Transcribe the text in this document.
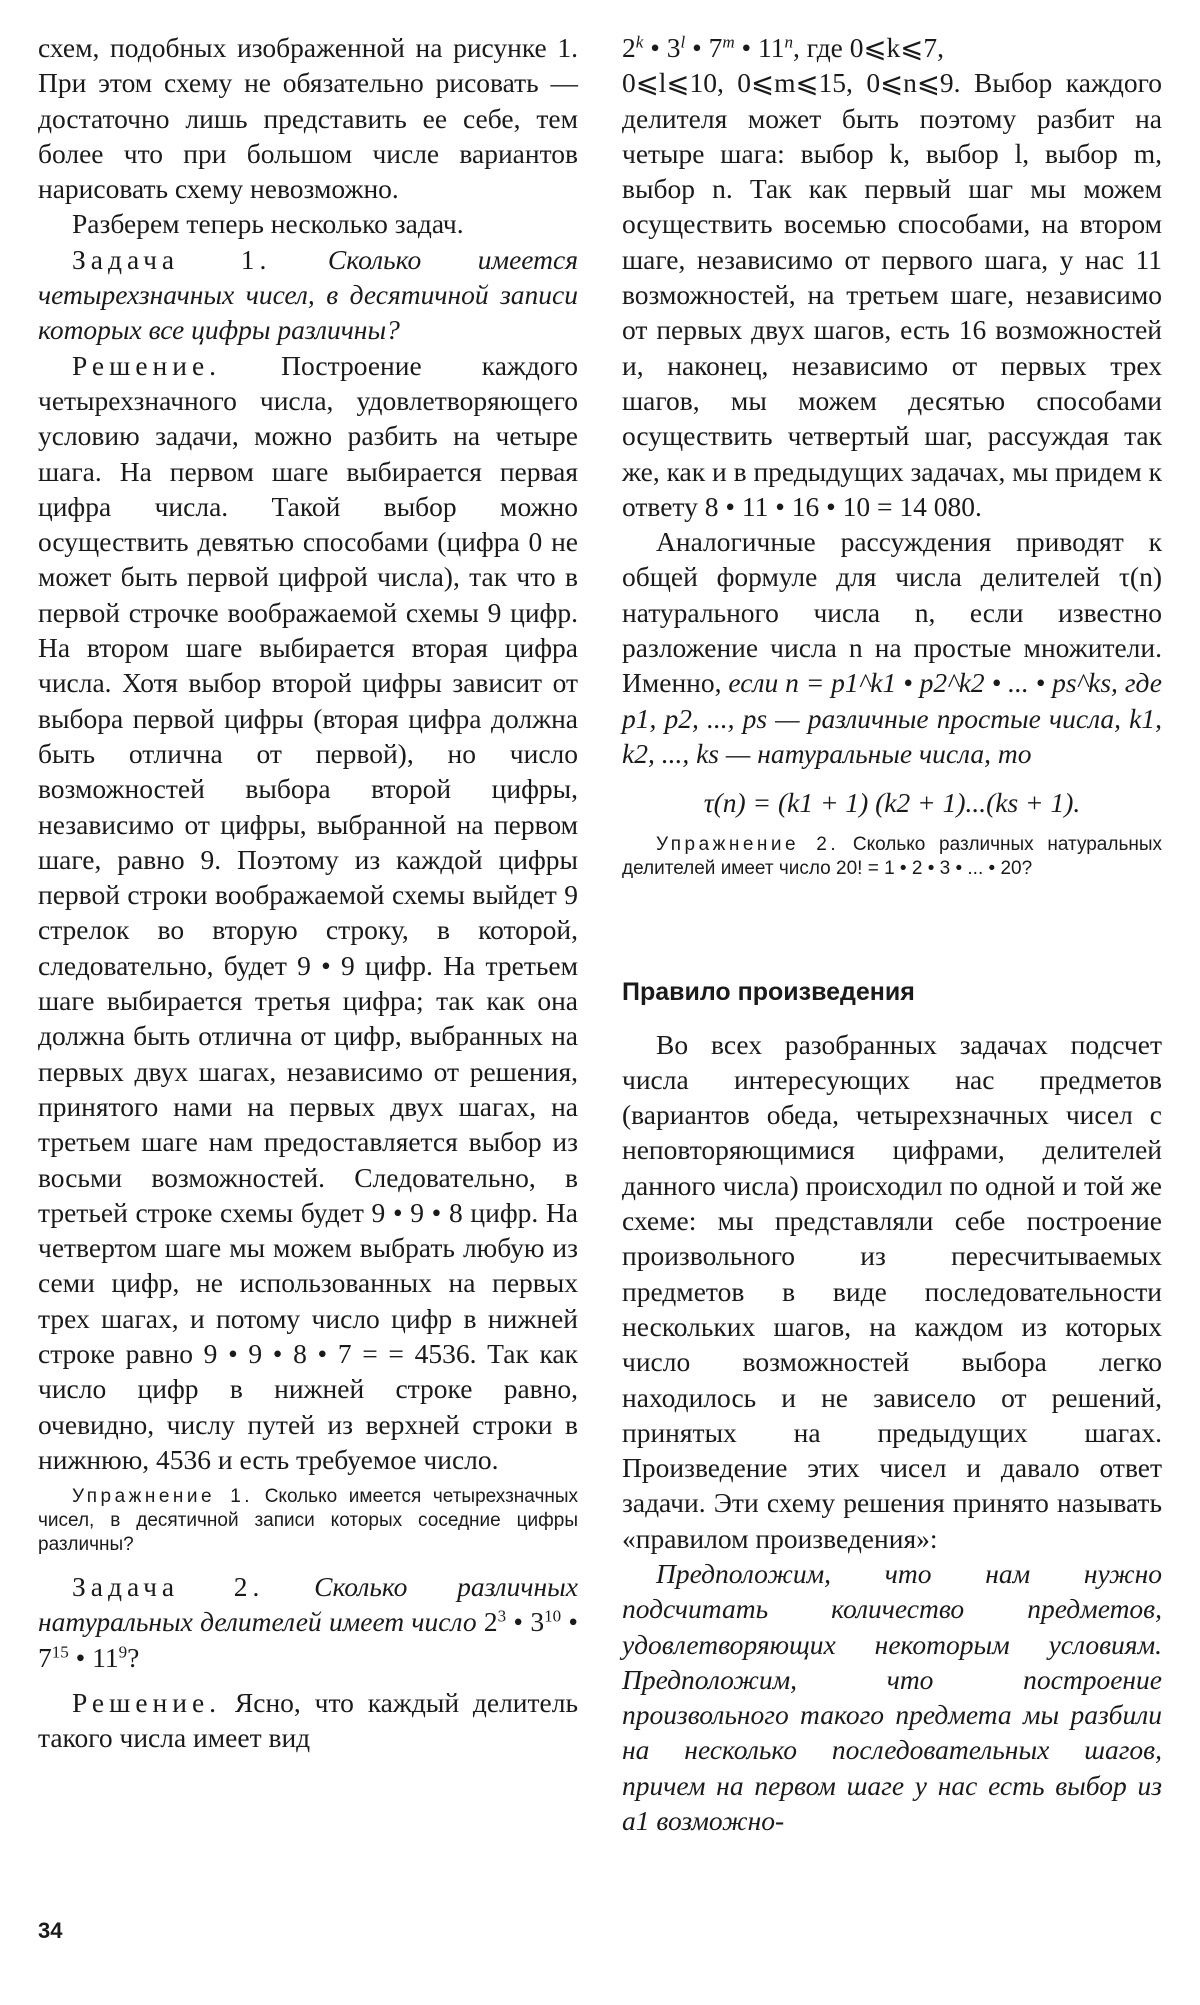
схем, подобных изображенной на рисунке 1. При этом схему не обязательно рисовать — достаточно лишь представить ее себе, тем более что при большом числе вариантов нарисовать схему невозможно.

Разберем теперь несколько задач.

Задача 1. Сколько имеется четырехзначных чисел, в десятичной записи которых все цифры различны?

Решение. Построение каждого четырехзначного числа, удовлетворяющего условию задачи, можно разбить на четыре шага. На первом шаге выбирается первая цифра числа. Такой выбор можно осуществить девятью способами (цифра 0 не может быть первой цифрой числа), так что в первой строчке воображаемой схемы 9 цифр. На втором шаге выбирается вторая цифра числа. Хотя выбор второй цифры зависит от выбора первой цифры (вторая цифра должна быть отлична от первой), но число возможностей выбора второй цифры, независимо от цифры, выбранной на первом шаге, равно 9. Поэтому из каждой цифры первой строки воображаемой схемы выйдет 9 стрелок во вторую строку, в которой, следовательно, будет 9 • 9 цифр. На третьем шаге выбирается третья цифра; так как она должна быть отлична от цифр, выбранных на первых двух шагах, независимо от решения, принятого нами на первых двух шагах, на третьем шаге нам предоставляется выбор из восьми возможностей. Следовательно, в третьей строке схемы будет 9 • 9 • 8 цифр. На четвертом шаге мы можем выбрать любую из семи цифр, не использованных на первых трех шагах, и потому число цифр в нижней строке равно 9 • 9 • 8 • 7 = = 4536. Так как число цифр в нижней строке равно, очевидно, числу путей из верхней строки в нижнюю, 4536 и есть требуемое число.

Упражнение 1. Сколько имеется четырехзначных чисел, в десятичной записи которых соседние цифры различны?

Задача 2. Сколько различных натуральных делителей имеет число $2^3$ • $3^{10}$ • $7^{15}$ • $11^9$?

Решение. Ясно, что каждый делитель такого числа имеет вид

2$^k$ • 3$^l$ • 7$^m$ • 11$^n$, где 0⩽k⩽7,

0⩽l⩽10, 0⩽m⩽15, 0⩽n⩽9. Выбор каждого делителя может быть поэтому разбит на четыре шага: выбор k, выбор l, выбор m, выбор n. Так как первый шаг мы можем осуществить восемью способами, на втором шаге, независимо от первого шага, у нас 11 возможностей, на третьем шаге, независимо от первых двух шагов, есть 16 возможностей и, наконец, независимо от первых трех шагов, мы можем десятью способами осуществить четвертый шаг, рассуждая так же, как и в предыдущих задачах, мы придем к ответу 8 • 11 • 16 • 10 = 14 080.

Аналогичные рассуждения приводят к общей формуле для числа делителей τ(n) натурального числа n, если известно разложение числа n на простые множители. Именно, если n = p1^k1 • p2^k2 • ... • ps^ks, где p1, p2, ..., ps — различные простые числа, k1, k2, ..., ks — натуральные числа, то

τ(n) = (k1 + 1) (k2 + 1)...(ks + 1).

Упражнение 2. Сколько различных натуральных делителей имеет число 20! = 1 • 2 • 3 • ... • 20?

Правило произведения

Во всех разобранных задачах подсчет числа интересующих нас предметов (вариантов обеда, четырехзначных чисел с неповторяющимися цифрами, делителей данного числа) происходил по одной и той же схеме: мы представляли себе построение произвольного из пересчитываемых предметов в виде последовательности нескольких шагов, на каждом из которых число возможностей выбора легко находилось и не зависело от решений, принятых на предыдущих шагах. Произведение этих чисел и давало ответ задачи. Эти схему решения принято называть «правилом произведения»:

Предположим, что нам нужно подсчитать количество предметов, удовлетворяющих некоторым условиям. Предположим, что построение произвольного такого предмета мы разбили на несколько последовательных шагов, причем на первом шаге у нас есть выбор из a1 возможно-

34
